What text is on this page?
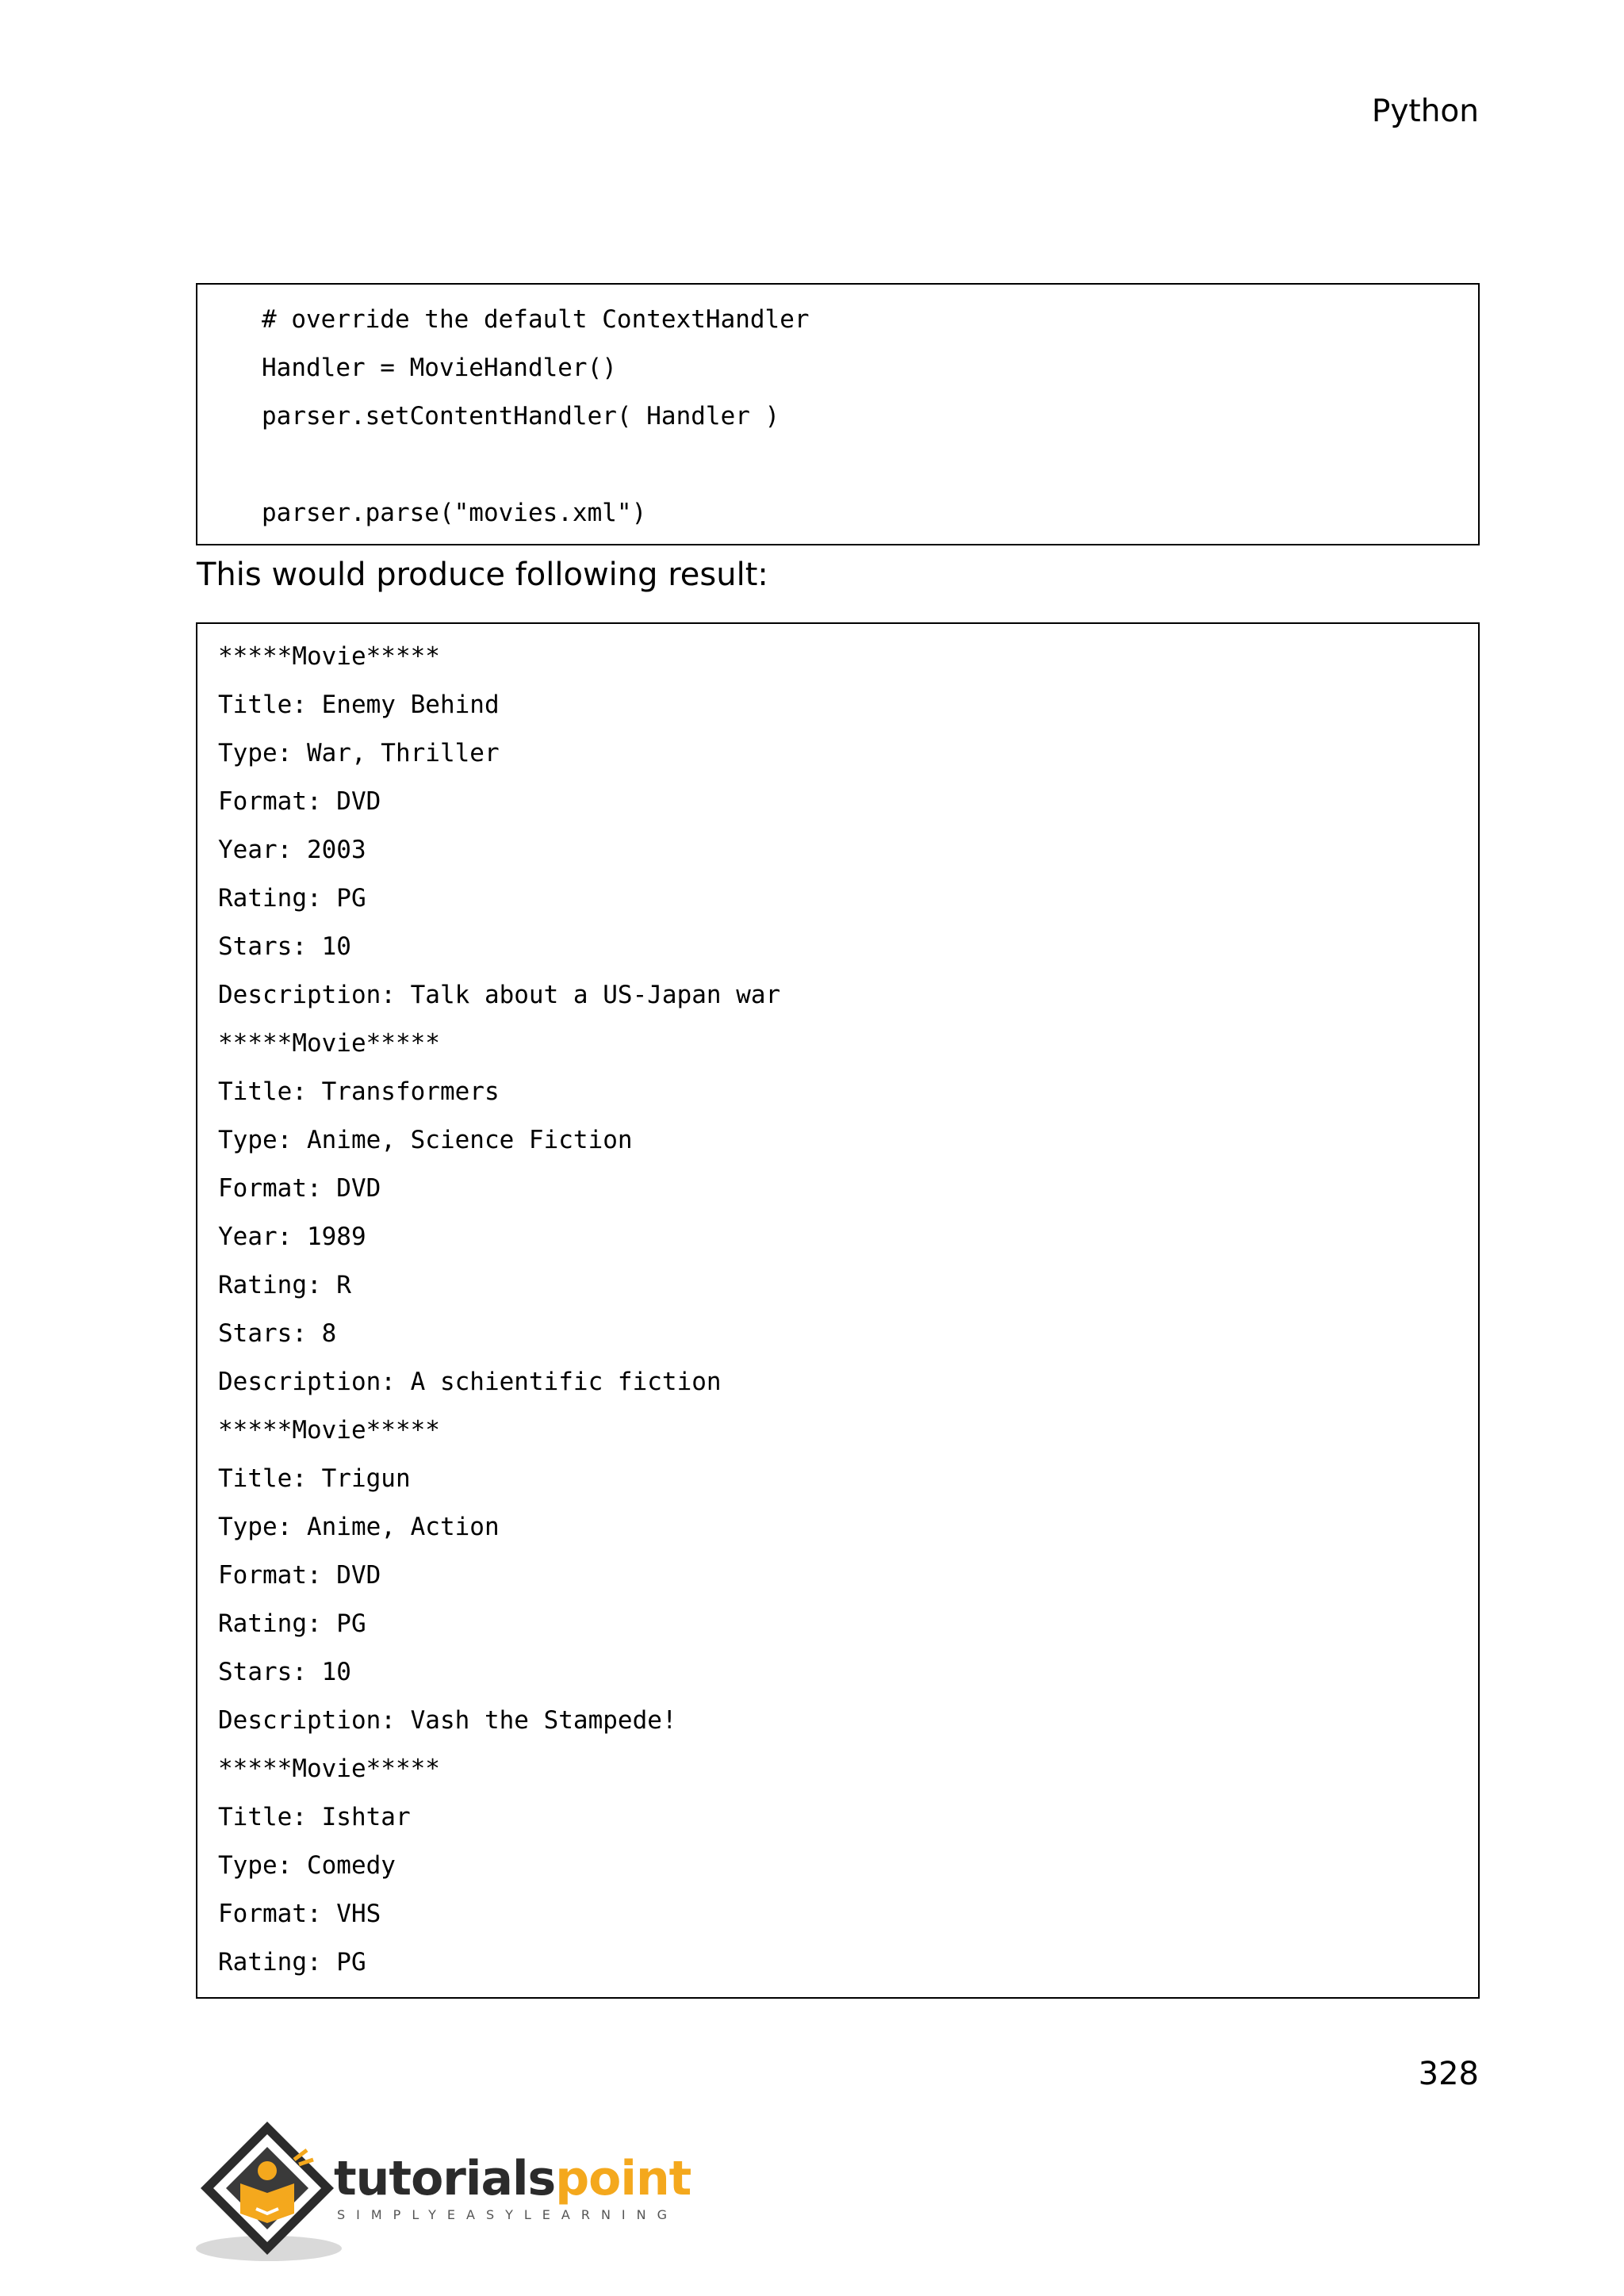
Python
# override the default ContextHandler
Handler = MovieHandler()
parser.setContentHandler( Handler )
parser.parse("movies.xml")
This would produce following result:
*****Movie*****
Title: Enemy Behind
Type: War, Thriller
Format: DVD
Year: 2003
Rating: PG
Stars: 10
Description: Talk about a US-Japan war
*****Movie*****
Title: Transformers
Type: Anime, Science Fiction
Format: DVD
Year: 1989
Rating: R
Stars: 8
Description: A schientific fiction
*****Movie*****
Title: Trigun
Type: Anime, Action
Format: DVD
Rating: PG
Stars: 10
Description: Vash the Stampede!
*****Movie*****
Title: Ishtar
Type: Comedy
Format: VHS
Rating: PG
328
tutorialspoint
SIMPLYEASYLEARNING
